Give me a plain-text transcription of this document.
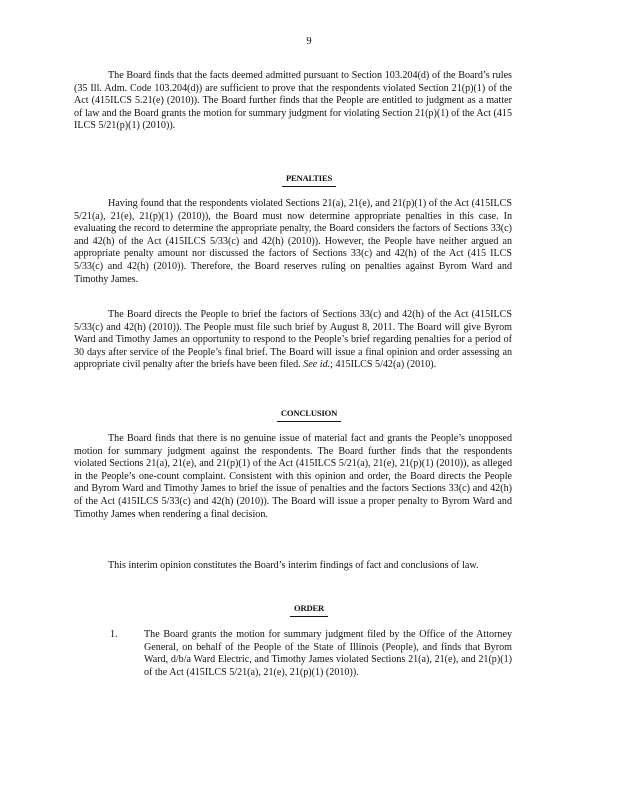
9

The Board finds that the facts deemed admitted pursuant to Section 103.204(d) of the Board’s rules (35 Ill. Adm. Code 103.204(d)) are sufficient to prove that the respondents violated Section 21(p)(1) of the Act (415ILCS 5.21(e) (2010)). The Board further finds that the People are entitled to judgment as a matter of law and the Board grants the motion for summary judgment for violating Section 21(p)(1) of the Act (415 ILCS 5/21(p)(1) (2010)).

PENALTIES

Having found that the respondents violated Sections 21(a), 21(e), and 21(p)(1) of the Act (415ILCS 5/21(a), 21(e), 21(p)(1) (2010)), the Board must now determine appropriate penalties in this case. In evaluating the record to determine the appropriate penalty, the Board considers the factors of Sections 33(c) and 42(h) of the Act (415ILCS 5/33(c) and 42(h) (2010)). However, the People have neither argued an appropriate penalty amount nor discussed the factors of Sections 33(c) and 42(h) of the Act (415 ILCS 5/33(c) and 42(h) (2010)). Therefore, the Board reserves ruling on penalties against Byrom Ward and Timothy James.

The Board directs the People to brief the factors of Sections 33(c) and 42(h) of the Act (415ILCS 5/33(c) and 42(h) (2010)). The People must file such brief by August 8, 2011. The Board will give Byrom Ward and Timothy James an opportunity to respond to the People’s brief regarding penalties for a period of 30 days after service of the People’s final brief. The Board will issue a final opinion and order assessing an appropriate civil penalty after the briefs have been filed. See id.; 415ILCS 5/42(a) (2010).

CONCLUSION

The Board finds that there is no genuine issue of material fact and grants the People’s unopposed motion for summary judgment against the respondents. The Board further finds that the respondents violated Sections 21(a), 21(e), and 21(p)(1) of the Act (415ILCS 5/21(a), 21(e), 21(p)(1) (2010)), as alleged in the People’s one-count complaint. Consistent with this opinion and order, the Board directs the People and Byrom Ward and Timothy James to brief the issue of penalties and the factors Sections 33(c) and 42(h) of the Act (415ILCS 5/33(c) and 42(h) (2010)). The Board will issue a proper penalty to Byrom Ward and Timothy James when rendering a final decision.

This interim opinion constitutes the Board’s interim findings of fact and conclusions of law.

ORDER
1.	The Board grants the motion for summary judgment filed by the Office of the Attorney General, on behalf of the People of the State of Illinois (People), and finds that Byrom Ward, d/b/a Ward Electric, and Timothy James violated Sections 21(a), 21(e), and 21(p)(1) of the Act (415ILCS 5/21(a), 21(e), 21(p)(1) (2010)).
